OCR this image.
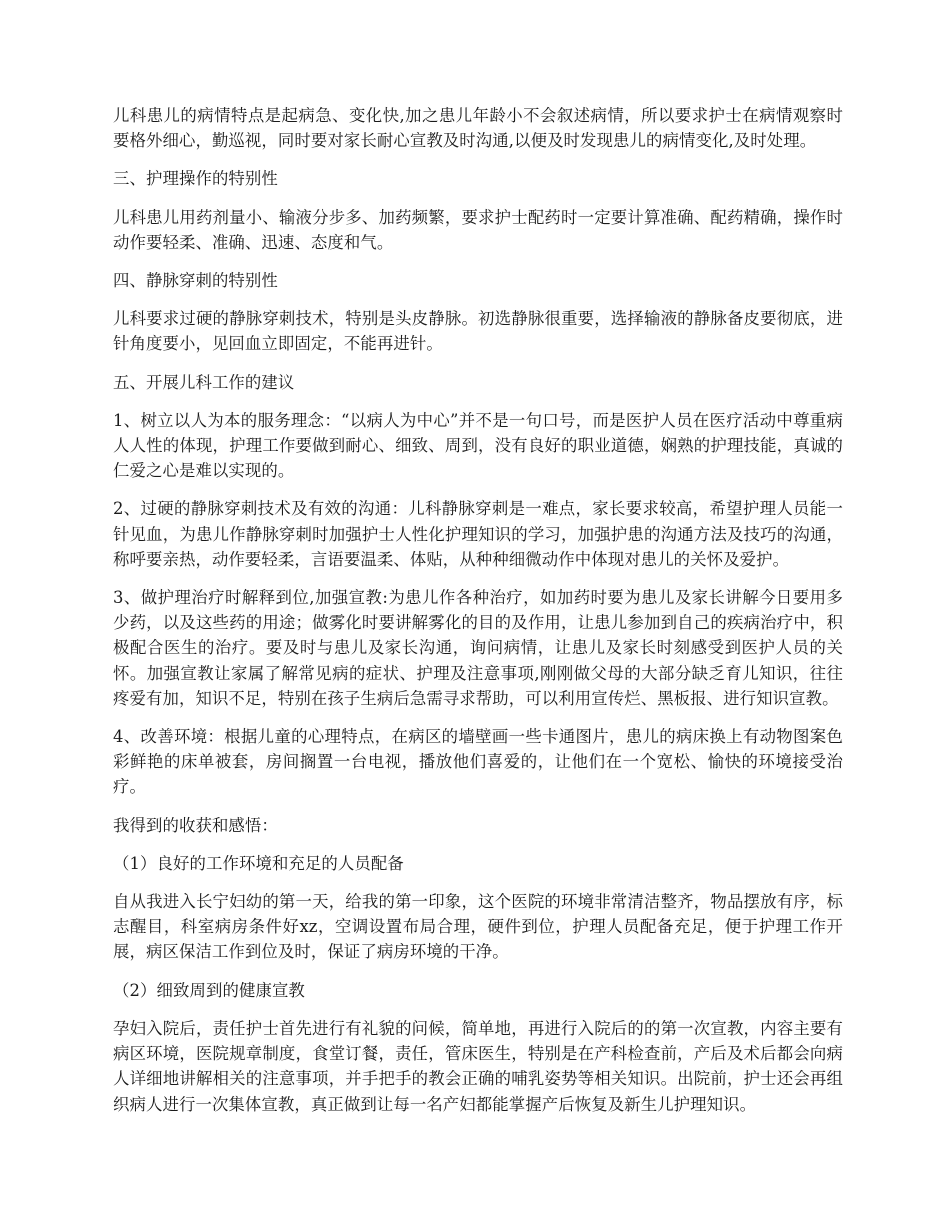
儿科患儿的病情特点是起病急、变化快,加之患儿年龄小不会叙述病情，所以要求护士在病情观察时要格外细心，勤巡视，同时要对家长耐心宣教及时沟通,以便及时发现患儿的病情变化,及时处理。

三、护理操作的特别性

儿科患儿用药剂量小、输液分步多、加药频繁，要求护士配药时一定要计算准确、配药精确，操作时动作要轻柔、准确、迅速、态度和气。

四、静脉穿刺的特别性

儿科要求过硬的静脉穿刺技术，特别是头皮静脉。初选静脉很重要，选择输液的静脉备皮要彻底，进针角度要小，见回血立即固定，不能再进针。

五、开展儿科工作的建议

1、树立以人为本的服务理念：“以病人为中心”并不是一句口号，而是医护人员在医疗活动中尊重病人人性的体现，护理工作要做到耐心、细致、周到，没有良好的职业道德，娴熟的护理技能，真诚的仁爱之心是难以实现的。

2、过硬的静脉穿刺技术及有效的沟通：儿科静脉穿刺是一难点，家长要求较高，希望护理人员能一针见血，为患儿作静脉穿刺时加强护士人性化护理知识的学习，加强护患的沟通方法及技巧的沟通，称呼要亲热，动作要轻柔，言语要温柔、体贴，从种种细微动作中体现对患儿的关怀及爱护。

3、做护理治疗时解释到位,加强宣教:为患儿作各种治疗，如加药时要为患儿及家长讲解今日要用多少药，以及这些药的用途；做雾化时要讲解雾化的目的及作用，让患儿参加到自己的疾病治疗中，积极配合医生的治疗。要及时与患儿及家长沟通，询问病情，让患儿及家长时刻感受到医护人员的关怀。加强宣教让家属了解常见病的症状、护理及注意事项,刚刚做父母的大部分缺乏育儿知识，往往疼爱有加，知识不足，特别在孩子生病后急需寻求帮助，可以利用宣传烂、黑板报、进行知识宣教。

4、改善环境：根据儿童的心理特点，在病区的墙壁画一些卡通图片，患儿的病床换上有动物图案色彩鲜艳的床单被套，房间搁置一台电视，播放他们喜爱的，让他们在一个宽松、愉快的环境接受治疗。

我得到的收获和感悟：

（1）良好的工作环境和充足的人员配备

自从我进入长宁妇幼的第一天，给我的第一印象，这个医院的环境非常清洁整齐，物品摆放有序，标志醒目，科室病房条件好xz，空调设置布局合理，硬件到位，护理人员配备充足，便于护理工作开展，病区保洁工作到位及时，保证了病房环境的干净。

（2）细致周到的健康宣教

孕妇入院后，责任护士首先进行有礼貌的问候，简单地，再进行入院后的的第一次宣教，内容主要有病区环境，医院规章制度，食堂订餐，责任，管床医生，特别是在产科检查前，产后及术后都会向病人详细地讲解相关的注意事项，并手把手的教会正确的哺乳姿势等相关知识。出院前，护士还会再组织病人进行一次集体宣教，真正做到让每一名产妇都能掌握产后恢复及新生儿护理知识。
